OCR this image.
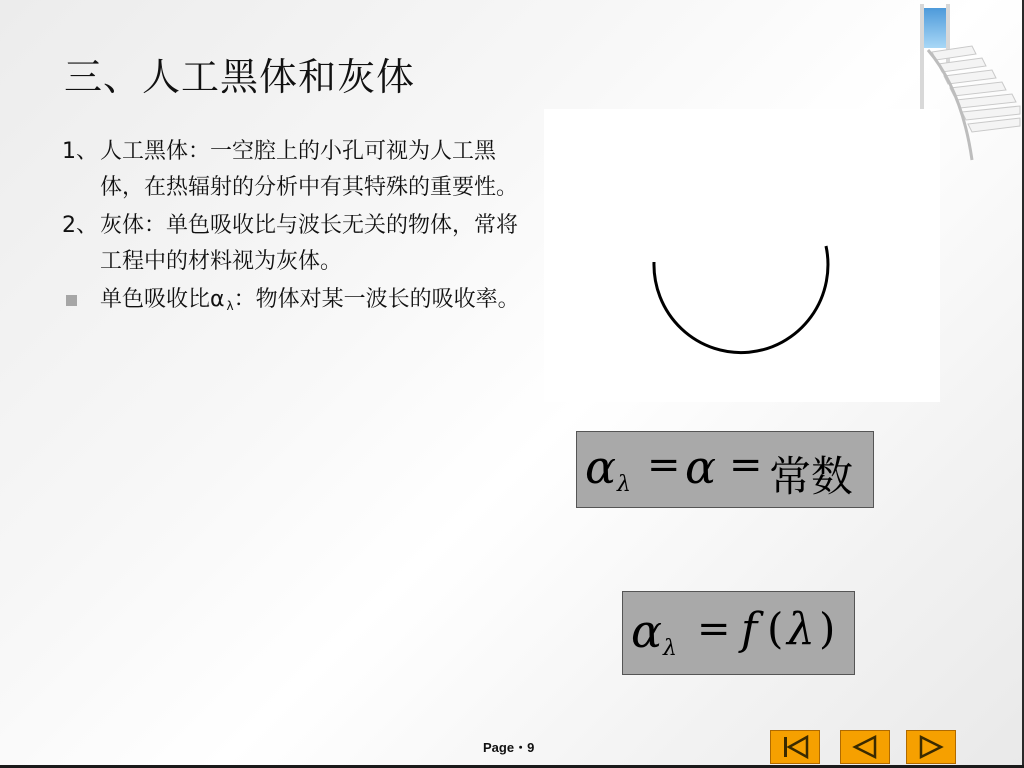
三、人工黑体和灰体
1、 人工黑体：一空腔上的小孔可视为人工黑体，在热辐射的分析中有其特殊的重要性。
2、 灰体：单色吸收比与波长无关的物体，常将工程中的材料视为灰体。
单色吸收比α $_\lambda$：物体对某一波长的吸收率。
α λ = α = 常数
α λ = f ( λ )
Page・9
